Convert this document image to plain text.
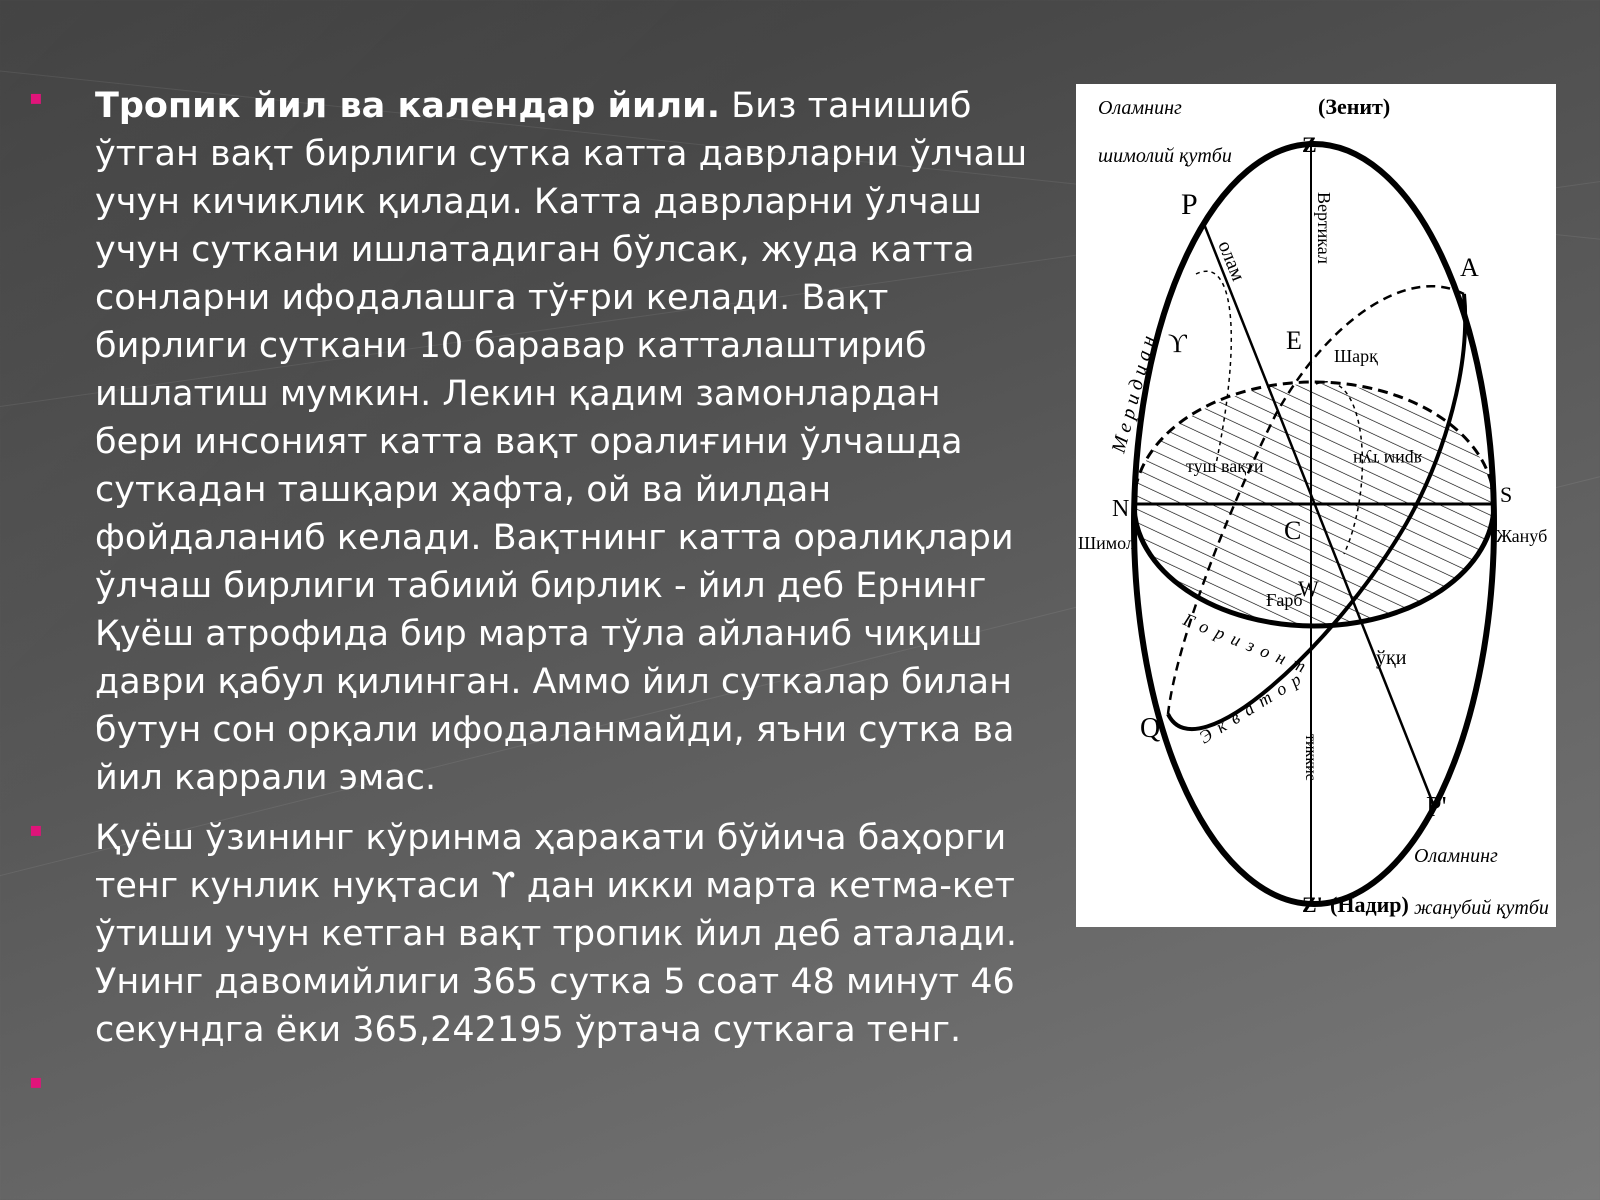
▪ Тропик йил ва календар йили. Биз танишиб ўтган вақт бирлиги сутка катта даврларни ўлчаш учун кичиклик қилади. Катта даврларни ўлчаш учун суткани ишлатадиган бўлсак, жуда катта сонларни ифодалашга тўғри келади. Вақт бирлиги суткани 10 баравар катталаштириб ишлатиш мумкин. Лекин қадим замонлардан бери инсоният катта вақт оралиғини ўлчашда суткадан ташқари ҳафта, ой ва йилдан фойдаланиб келади. Вақтнинг катта оралиқлари ўлчаш бирлиги табиий бирлик - йил деб Ернинг Қуёш атрофида бир марта тўла айланиб чиқиш даври қабул қилинган. Аммо йил суткалар билан бутун сон орқали ифодаланмайди, яъни сутка ва йил каррали эмас.
▪ Қуёш ўзининг кўринма ҳаракати бўйича баҳорги тенг кунлик нуқтаси ϒ дан икки марта кетма-кет ўтиши учун кетган вақт тропик йил деб аталади. Унинг давомийлиги 365 сутка 5 соат 48 минут 46 секундга ёки 365,242195 ўртача суткага тенг.
▪
Оламнинг
шимолий қутби
(Зенит)
Z
P
A
E
Шарқ
ϒ
олам	Вертикал
Меридиан
туш вақти	ярим тун
N
S
Шимол	Жануб
C
W
Ғарб
ўқи
Горизонт
Экватор
тиккис
Q
P'
Оламнинг
жанубий қутби
Z' (Надир)
